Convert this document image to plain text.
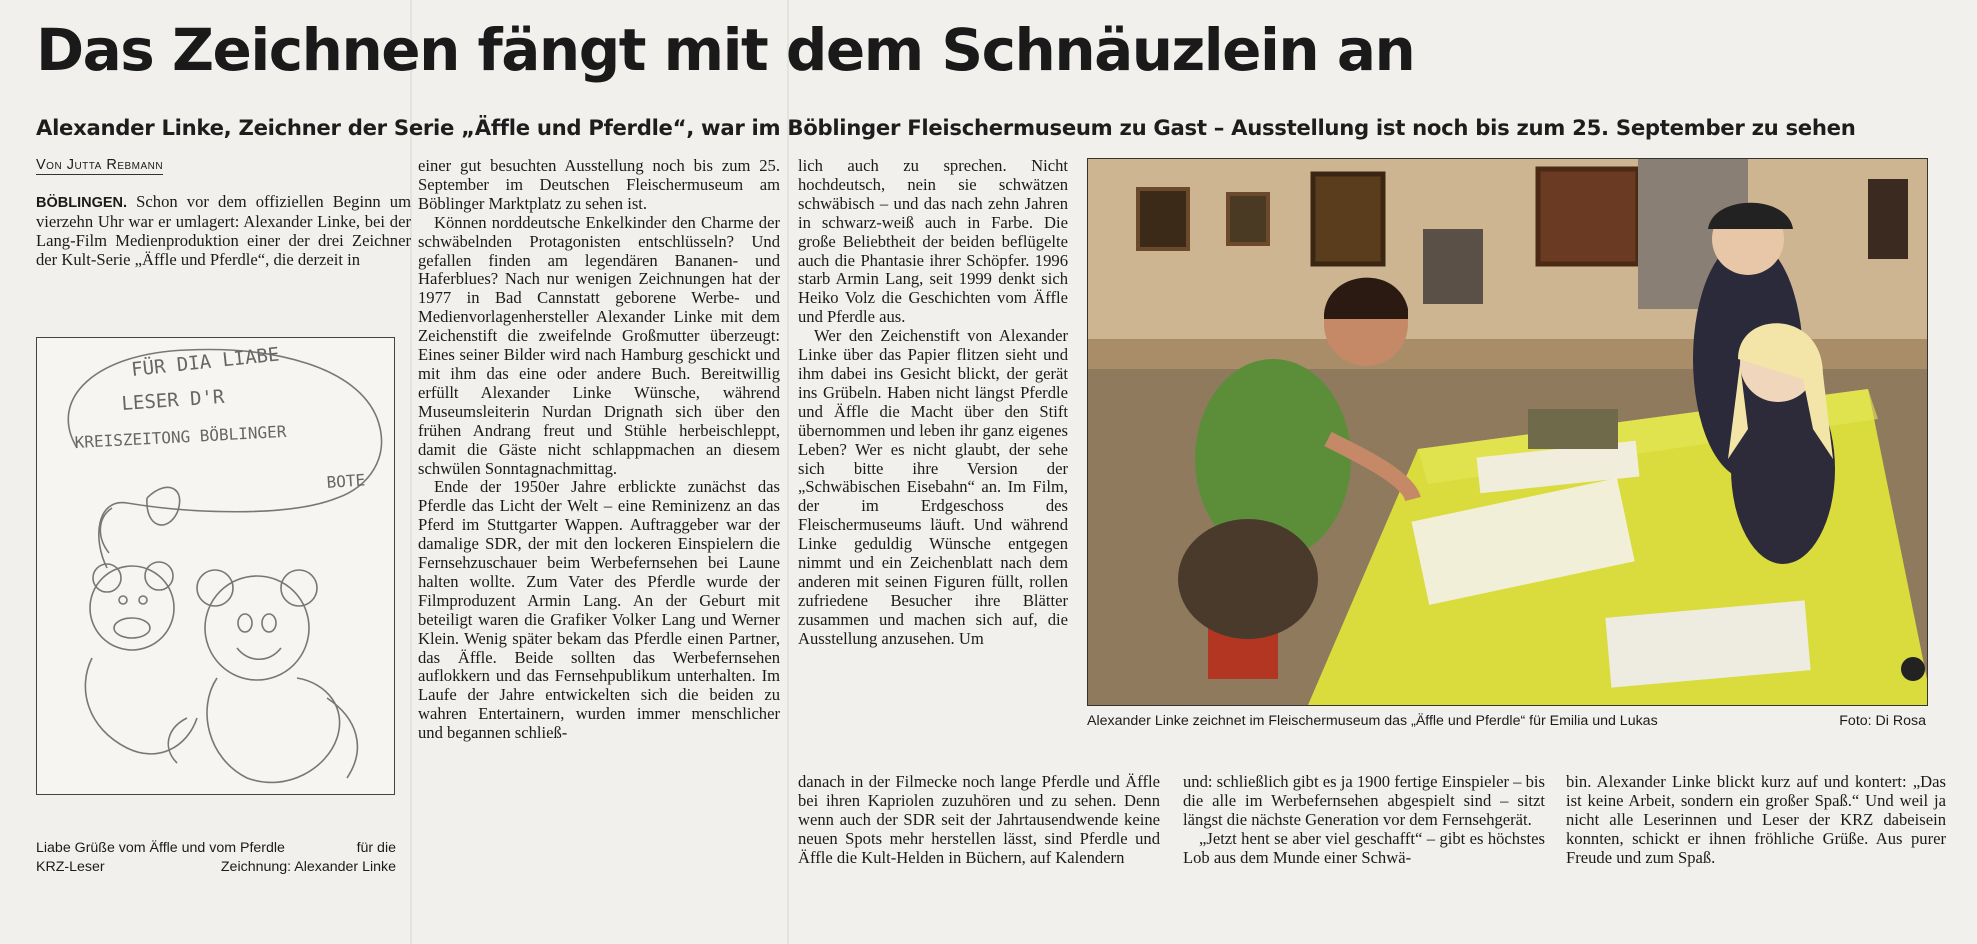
Das Zeichnen fängt mit dem Schnäuzlein an
Alexander Linke, Zeichner der Serie „Äffle und Pferdle“, war im Böblinger Fleischermuseum zu Gast – Ausstellung ist noch bis zum 25. September zu sehen
Von Jutta Rebmann

BÖBLINGEN. Schon vor dem offiziellen Beginn um vierzehn Uhr war er umlagert: Alexander Linke, bei der Lang-Film Medienproduktion einer der drei Zeichner der Kult-Serie „Äffle und Pferdle“, die derzeit in

FÜR DIA LIABE
LESER D'R
KREISZEITONG BÖBLINGER
BOTE
Liabe Grüße vom Äffle und vom Pferdle	für die
KRZ-Leser	Zeichnung: Alexander Linke

einer gut besuchten Ausstellung noch bis zum 25. September im Deutschen Fleischermuseum am Böblinger Marktplatz zu sehen ist.

Können norddeutsche Enkelkinder den Charme der schwäbelnden Protagonisten entschlüsseln? Und gefallen finden am legendären Bananen- und Haferblues? Nach nur wenigen Zeichnungen hat der 1977 in Bad Cannstatt geborene Werbe- und Medienvorlagenhersteller Alexander Linke mit dem Zeichenstift die zweifelnde Großmutter überzeugt: Eines seiner Bilder wird nach Hamburg geschickt und mit ihm das eine oder andere Buch. Bereitwillig erfüllt Alexander Linke Wünsche, während Museumsleiterin Nurdan Drignath sich über den frühen Andrang freut und Stühle herbeischleppt, damit die Gäste nicht schlappmachen an diesem schwülen Sonntagnachmittag.

Ende der 1950er Jahre erblickte zunächst das Pferdle das Licht der Welt – eine Reminizenz an das Pferd im Stuttgarter Wappen. Auftraggeber war der damalige SDR, der mit den lockeren Einspielern die Fernsehzuschauer beim Werbefernsehen bei Laune halten wollte. Zum Vater des Pferdle wurde der Filmproduzent Armin Lang. An der Geburt mit beteiligt waren die Grafiker Volker Lang und Werner Klein. Wenig später bekam das Pferdle einen Partner, das Äffle. Beide sollten das Werbefernsehen auflokkern und das Fernsehpublikum unterhalten. Im Laufe der Jahre entwickelten sich die beiden zu wahren Entertainern, wurden immer menschlicher und begannen schließ-

lich auch zu sprechen. Nicht hochdeutsch, nein sie schwätzen schwäbisch – und das nach zehn Jahren in schwarz-weiß auch in Farbe. Die große Beliebtheit der beiden beflügelte auch die Phantasie ihrer Schöpfer. 1996 starb Armin Lang, seit 1999 denkt sich Heiko Volz die Geschichten vom Äffle und Pferdle aus.

Wer den Zeichenstift von Alexander Linke über das Papier flitzen sieht und ihm dabei ins Gesicht blickt, der gerät ins Grübeln. Haben nicht längst Pferdle und Äffle die Macht über den Stift übernommen und leben ihr ganz eigenes Leben? Wer es nicht glaubt, der sehe sich bitte ihre Version der „Schwäbischen Eisebahn“ an. Im Film, der im Erdgeschoss des Fleischermuseums läuft. Und während Linke geduldig Wünsche entgegen nimmt und ein Zeichenblatt nach dem anderen mit seinen Figuren füllt, rollen zufriedene Besucher ihre Blätter zusammen und machen sich auf, die Ausstellung anzusehen. Um

Alexander Linke zeichnet im Fleischermuseum das „Äffle und Pferdle“ für Emilia und Lukas	Foto: Di Rosa

danach in der Filmecke noch lange Pferdle und Äffle bei ihren Kapriolen zuzuhören und zu sehen. Denn wenn auch der SDR seit der Jahrtausendwende keine neuen Spots mehr herstellen lässt, sind Pferdle und Äffle die Kult-Helden in Büchern, auf Kalendern

und: schließlich gibt es ja 1900 fertige Einspieler – bis die alle im Werbefernsehen abgespielt sind – sitzt längst die nächste Generation vor dem Fernsehgerät.

„Jetzt hent se aber viel geschafft“ – gibt es höchstes Lob aus dem Munde einer Schwä-

bin. Alexander Linke blickt kurz auf und kontert: „Das ist keine Arbeit, sondern ein großer Spaß.“ Und weil ja nicht alle Leserinnen und Leser der KRZ dabeisein konnten, schickt er ihnen fröhliche Grüße. Aus purer Freude und zum Spaß.
